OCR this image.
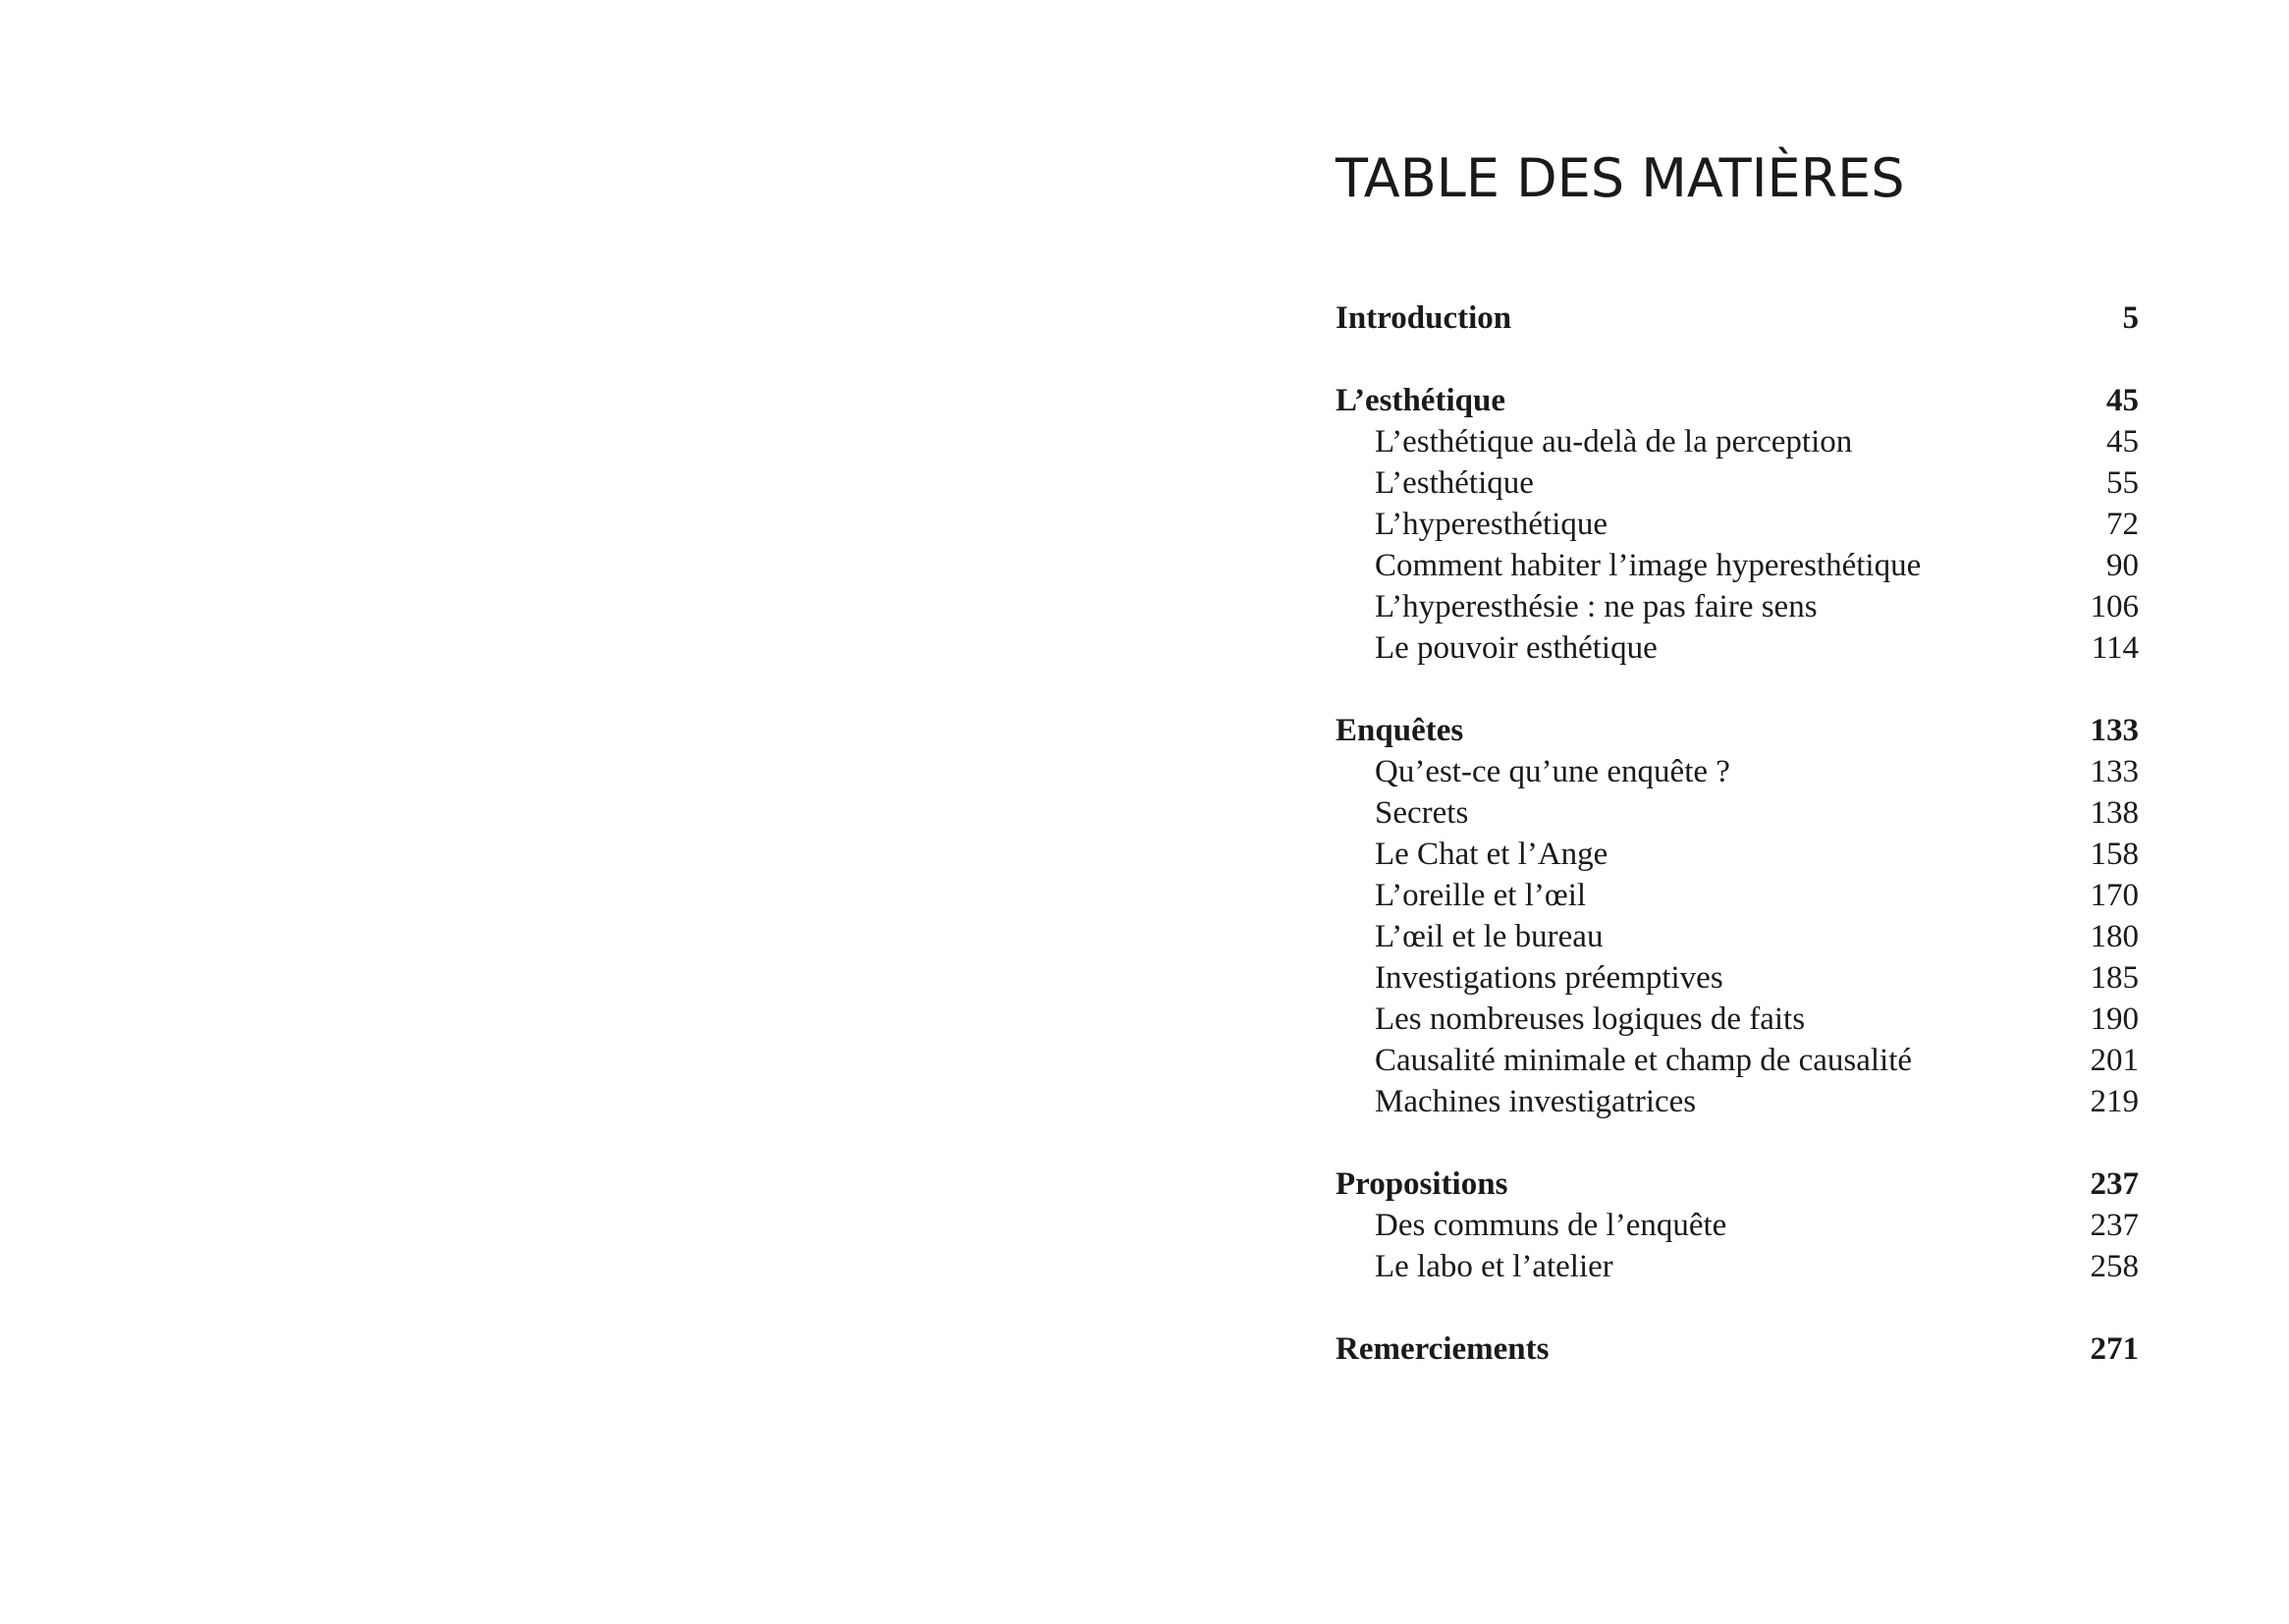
TABLE DES MATIÈRES
Introduction	5
L’esthétique	45
L’esthétique au-delà de la perception	45
L’esthétique	55
L’hyperesthétique	72
Comment habiter l’image hyperesthétique	90
L’hyperesthésie : ne pas faire sens	106
Le pouvoir esthétique	114
Enquêtes	133
Qu’est-ce qu’une enquête ?	133
Secrets	138
Le Chat et l’Ange	158
L’oreille et l’œil	170
L’œil et le bureau	180
Investigations préemptives	185
Les nombreuses logiques de faits	190
Causalité minimale et champ de causalité	201
Machines investigatrices	219
Propositions	237
Des communs de l’enquête	237
Le labo et l’atelier	258
Remerciements	271
